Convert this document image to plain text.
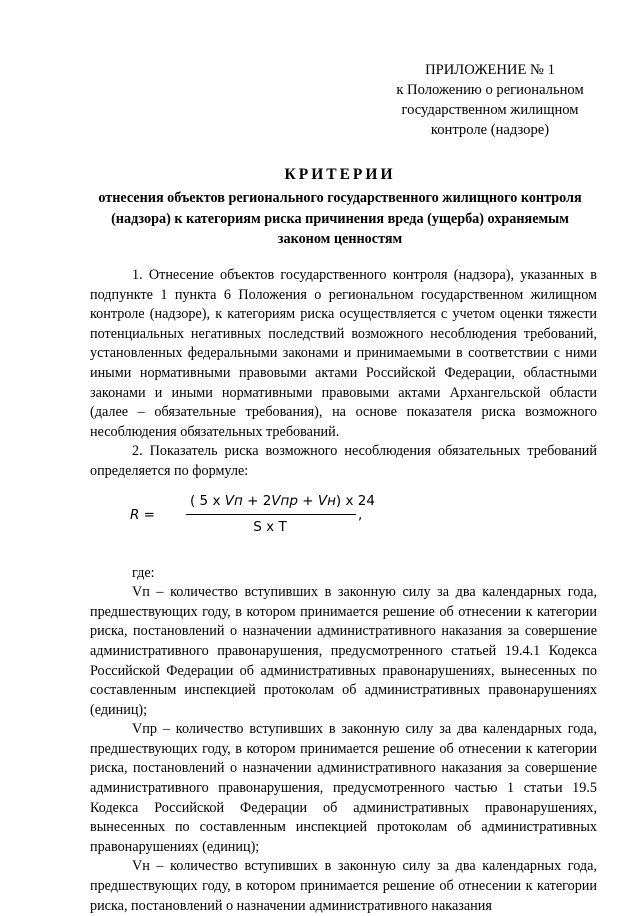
ПРИЛОЖЕНИЕ № 1
к Положению о региональном
государственном жилищном
контроле (надзоре)
КРИТЕРИИ
отнесения объектов регионального государственного жилищного контроля (надзора) к категориям риска причинения вреда (ущерба) охраняемым законом ценностям

1. Отнесение объектов государственного контроля (надзора), указанных в подпункте 1 пункта 6 Положения о региональном государственном жилищном контроле (надзоре), к категориям риска осуществляется с учетом оценки тяжести потенциальных негативных последствий возможного несоблюдения требований, установленных федеральными законами и принимаемыми в соответствии с ними иными нормативными правовыми актами Российской Федерации, областными законами и иными нормативными правовыми актами Архангельской области (далее – обязательные требования), на основе показателя риска возможного несоблюдения обязательных требований.

2. Показатель риска возможного несоблюдения обязательных требований определяется по формуле:

R =
( 5 x Vп + 2Vпр + Vн) x 24
S x T
,

где:

Vп – количество вступивших в законную силу за два календарных года, предшествующих году, в котором принимается решение об отнесении к категории риска, постановлений о назначении административного наказания за совершение административного правонарушения, предусмотренного статьей 19.4.1 Кодекса Российской Федерации об административных правонарушениях, вынесенных по составленным инспекцией протоколам об административных правонарушениях (единиц);

Vпр – количество вступивших в законную силу за два календарных года, предшествующих году, в котором принимается решение об отнесении к категории риска, постановлений о назначении административного наказания за совершение административного правонарушения, предусмотренного частью 1 статьи 19.5 Кодекса Российской Федерации об административных правонарушениях, вынесенных по составленным инспекцией протоколам об административных правонарушениях (единиц);

Vн – количество вступивших в законную силу за два календарных года, предшествующих году, в котором принимается решение об отнесении к категории риска, постановлений о назначении административного наказания
